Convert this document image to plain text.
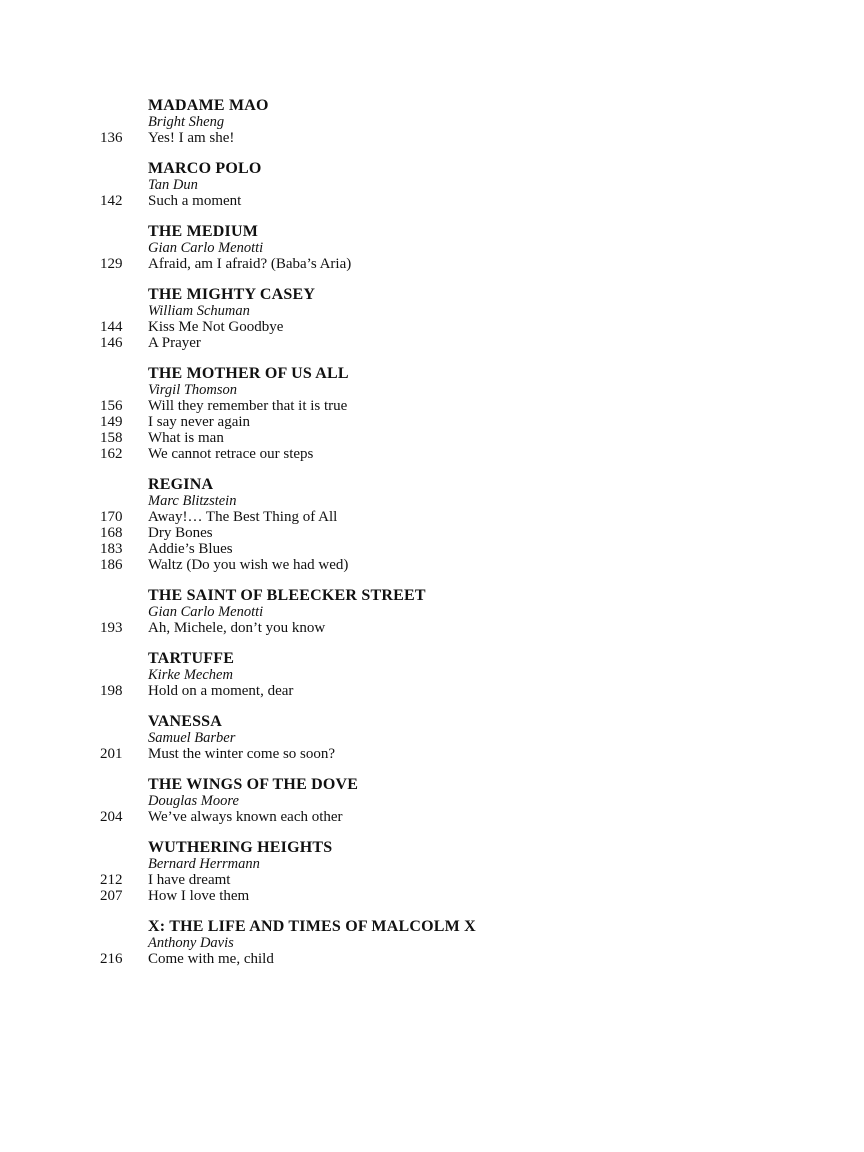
MADAME MAO
Bright Sheng
136	Yes! I am she!
MARCO POLO
Tan Dun
142	Such a moment
THE MEDIUM
Gian Carlo Menotti
129	Afraid, am I afraid? (Baba’s Aria)
THE MIGHTY CASEY
William Schuman
144	Kiss Me Not Goodbye
146	A Prayer
THE MOTHER OF US ALL
Virgil Thomson
156	Will they remember that it is true
149	I say never again
158	What is man
162	We cannot retrace our steps
REGINA
Marc Blitzstein
170	Away!… The Best Thing of All
168	Dry Bones
183	Addie’s Blues
186	Waltz (Do you wish we had wed)
THE SAINT OF BLEECKER STREET
Gian Carlo Menotti
193	Ah, Michele, don’t you know
TARTUFFE
Kirke Mechem
198	Hold on a moment, dear
VANESSA
Samuel Barber
201	Must the winter come so soon?
THE WINGS OF THE DOVE
Douglas Moore
204	We’ve always known each other
WUTHERING HEIGHTS
Bernard Herrmann
212	I have dreamt
207	How I love them
X: THE LIFE AND TIMES OF MALCOLM X
Anthony Davis
216	Come with me, child
